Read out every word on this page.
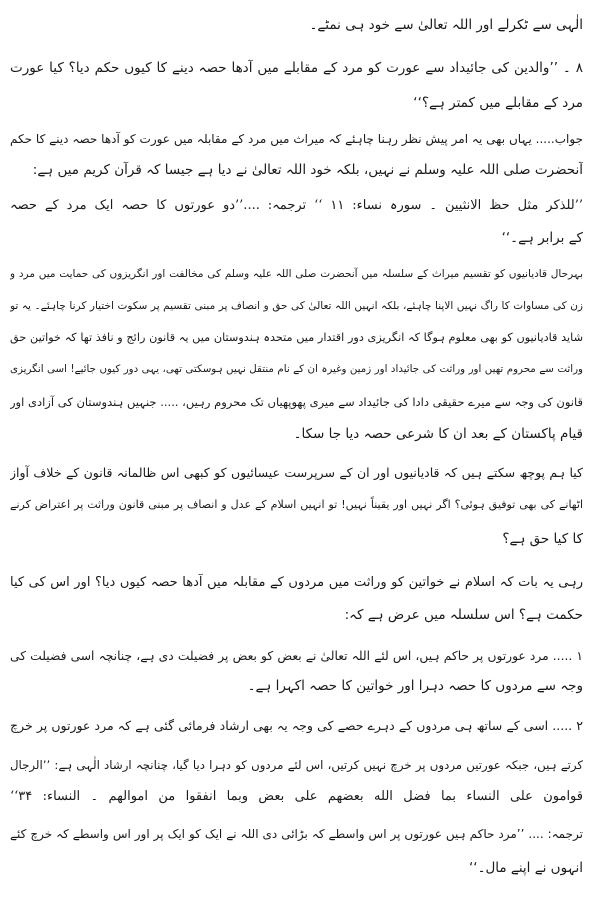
الٰہی سے ٹکرلے اور اللہ تعالیٰ سے خود ہی نمٹے۔
۸ ۔ ’’والدین کی جائیداد سے عورت کو مرد کے مقابلے میں آدھا حصہ دینے کا کیوں حکم دیا؟ کیا عورت
مرد کے مقابلے میں کمتر ہے؟‘‘
جواب..... یہاں بھی یہ امر پیش نظر رہنا چاہئے کہ میراث میں مرد کے مقابلہ میں عورت کو آدھا حصہ دینے کا حکم
آنحضرت صلی اللہ علیہ وسلم نے نہیں، بلکہ خود اللہ تعالیٰ نے دیا ہے جیسا کہ قرآن کریم میں ہے:
’’للذکر مثل حظ الانثیین ۔ سورہ نساء: ۱۱ ‘‘ ترجمہ: ....’’دو عورتوں کا حصہ ایک مرد کے حصہ
کے برابر ہے۔‘‘
بہرحال قادیانیوں کو تقسیم میراث کے سلسلہ میں آنحضرت صلی اللہ علیہ وسلم کی مخالفت اور انگریزوں کی حمایت میں مرد و
زن کی مساوات کا راگ نہیں الاپنا چاہئے، بلکہ انہیں اللہ تعالیٰ کی حق و انصاف پر مبنی تقسیم پر سکوت اختیار کرنا چاہئے۔ یہ تو
شاید قادیانیوں کو بھی معلوم ہوگا کہ انگریزی دور اقتدار میں متحدہ ہندوستان میں یہ قانون رائج و نافذ تھا کہ خواتین حق
وراثت سے محروم تھیں اور وراثت کی جائیداد اور زمین وغیرہ ان کے نام منتقل نہیں ہوسکتی تھی، یہی دور کیوں جائیے! اسی انگریزی
قانون کی وجہ سے میرے حقیقی دادا کی جائیداد سے میری پھوپھیاں تک محروم رہیں، ..... جنہیں ہندوستان کی آزادی اور
قیام پاکستان کے بعد ان کا شرعی حصہ دیا جا سکا۔
کیا ہم پوچھ سکتے ہیں کہ قادیانیوں اور ان کے سرپرست عیسائیوں کو کبھی اس ظالمانہ قانون کے خلاف آواز
اٹھانے کی بھی توفیق ہوئی؟ اگر نہیں اور یقیناً نہیں! تو انہیں اسلام کے عدل و انصاف پر مبنی قانون وراثت پر اعتراض کرنے
کا کیا حق ہے؟
رہی یہ بات کہ اسلام نے خواتین کو وراثت میں مردوں کے مقابلہ میں آدھا حصہ کیوں دیا؟ اور اس کی کیا
حکمت ہے؟ اس سلسلہ میں عرض ہے کہ:
۱ ..... مرد عورتوں پر حاکم ہیں، اس لئے اللہ تعالیٰ نے بعض کو بعض پر فضیلت دی ہے، چنانچہ اسی فضیلت کی
وجہ سے مردوں کا حصہ دہرا اور خواتین کا حصہ اکہرا ہے۔
۲ ..... اسی کے ساتھ ہی مردوں کے دہرے حصے کی وجہ یہ بھی ارشاد فرمائی گئی ہے کہ مرد عورتوں پر خرچ
کرتے ہیں، جبکہ عورتیں مردوں پر خرچ نہیں کرتیں، اس لئے مردوں کو دہرا دیا گیا، چنانچہ ارشاد الٰہی ہے: ’’الرجال
قوامون علی النساء بما فضل الله بعضھم علی بعض وبما انفقوا من اموالھم ۔ النساء: ۳۴‘‘
ترجمہ: .... ’’مرد حاکم ہیں عورتوں پر اس واسطے کہ بڑائی دی اللہ نے ایک کو ایک پر اور اس واسطے کہ خرچ کئے
انہوں نے اپنے مال۔‘‘
